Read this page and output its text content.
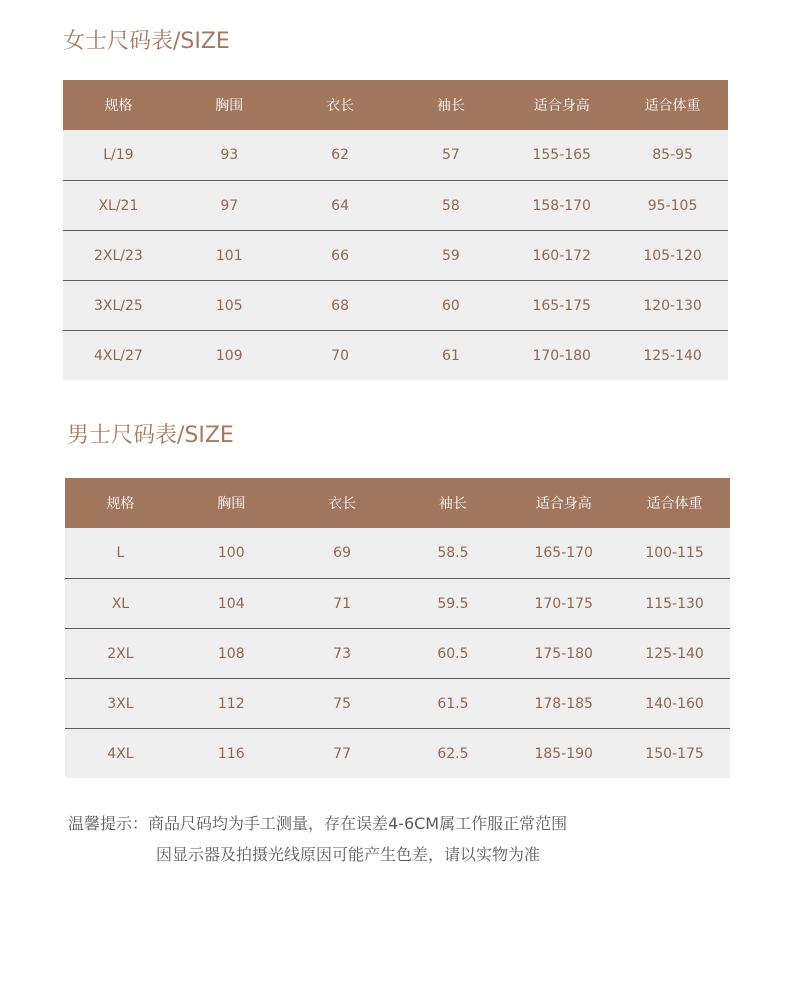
女士尺码表/SIZE
规格	胸围	衣长	袖长	适合身高	适合体重
L/19	93	62	57	155-165	85-95
XL/21	97	64	58	158-170	95-105
2XL/23	101	66	59	160-172	105-120
3XL/25	105	68	60	165-175	120-130
4XL/27	109	70	61	170-180	125-140
男士尺码表/SIZE
规格	胸围	衣长	袖长	适合身高	适合体重
L	100	69	58.5	165-170	100-115
XL	104	71	59.5	170-175	115-130
2XL	108	73	60.5	175-180	125-140
3XL	112	75	61.5	178-185	140-160
4XL	116	77	62.5	185-190	150-175
温馨提示：商品尺码均为手工测量，存在误差4-6CM属工作服正常范围
因显示器及拍摄光线原因可能产生色差，请以实物为准
